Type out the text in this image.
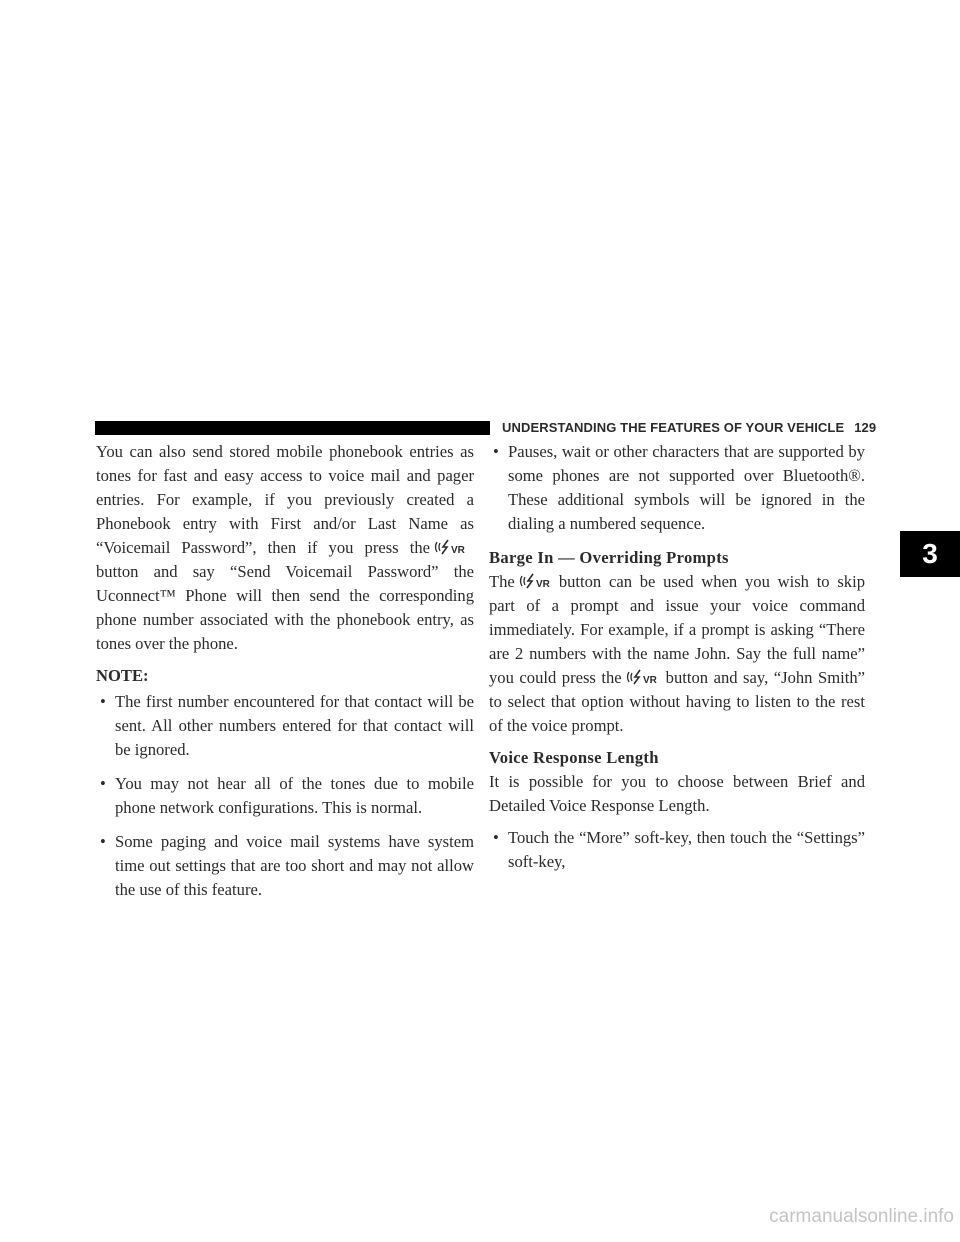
UNDERSTANDING THE FEATURES OF YOUR VEHICLE 129

You can also send stored mobile phonebook entries as tones for fast and easy access to voice mail and pager entries. For example, if you previously created a Phonebook entry with First and/or Last Name as “Voicemail Password”, then if you press the VR
button and say “Send Voicemail Password” the Uconnect™ Phone will then send the corresponding phone number associated with the phonebook entry, as tones over the phone.

NOTE:

• The first number encountered for that contact will be sent. All other numbers entered for that contact will be ignored.

• You may not hear all of the tones due to mobile phone network configurations. This is normal.

• Some paging and voice mail systems have system time out settings that are too short and may not allow the use of this feature.

• Pauses, wait or other characters that are supported by some phones are not supported over Bluetooth®. These additional symbols will be ignored in the dialing a numbered sequence.

Barge In — Overriding Prompts

The VR button can be used when you wish to skip part of a prompt and issue your voice command immediately. For example, if a prompt is asking “There are 2 numbers with the name John. Say the full name” you could press the VR button and say, “John Smith” to select that option without having to listen to the rest of the voice prompt.

Voice Response Length

It is possible for you to choose between Brief and Detailed Voice Response Length.

• Touch the “More” soft-key, then touch the “Settings” soft-key,

3
carmanualsonline.info
